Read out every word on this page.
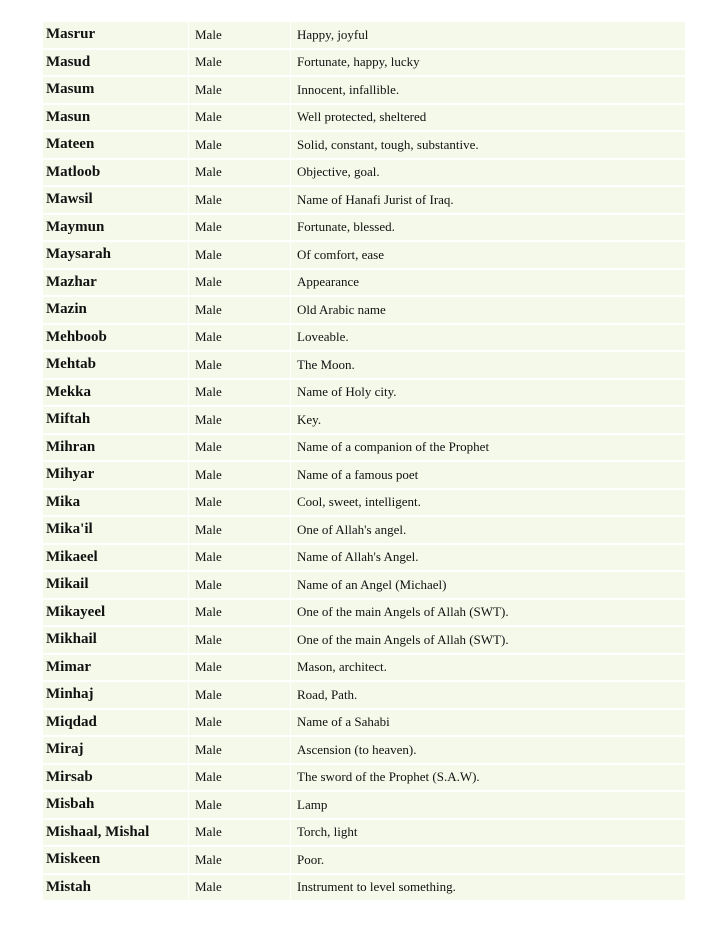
Masrur	Male	Happy, joyful
Masud	Male	Fortunate, happy, lucky
Masum	Male	Innocent, infallible.
Masun	Male	Well protected, sheltered
Mateen	Male	Solid, constant, tough, substantive.
Matloob	Male	Objective, goal.
Mawsil	Male	Name of Hanafi Jurist of Iraq.
Maymun	Male	Fortunate, blessed.
Maysarah	Male	Of comfort, ease
Mazhar	Male	Appearance
Mazin	Male	Old Arabic name
Mehboob	Male	Loveable.
Mehtab	Male	The Moon.
Mekka	Male	Name of Holy city.
Miftah	Male	Key.
Mihran	Male	Name of a companion of the Prophet
Mihyar	Male	Name of a famous poet
Mika	Male	Cool, sweet, intelligent.
Mika'il	Male	One of Allah's angel.
Mikaeel	Male	Name of Allah's Angel.
Mikail	Male	Name of an Angel (Michael)
Mikayeel	Male	One of the main Angels of Allah (SWT).
Mikhail	Male	One of the main Angels of Allah (SWT).
Mimar	Male	Mason, architect.
Minhaj	Male	Road, Path.
Miqdad	Male	Name of a Sahabi
Miraj	Male	Ascension (to heaven).
Mirsab	Male	The sword of the Prophet (S.A.W).
Misbah	Male	Lamp
Mishaal, Mishal	Male	Torch, light
Miskeen	Male	Poor.
Mistah	Male	Instrument to level something.
